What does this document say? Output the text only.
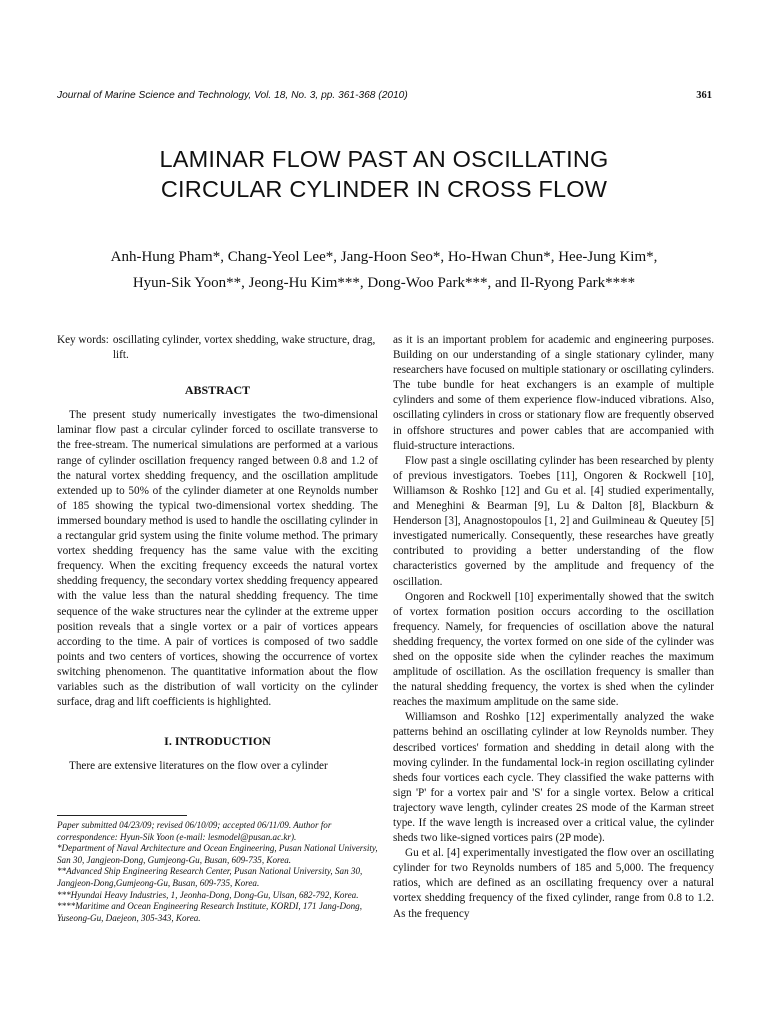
Journal of Marine Science and Technology, Vol. 18, No. 3, pp. 361-368 (2010)	361
LAMINAR FLOW PAST AN OSCILLATING
CIRCULAR CYLINDER IN CROSS FLOW
Anh-Hung Pham*, Chang-Yeol Lee*, Jang-Hoon Seo*, Ho-Hwan Chun*, Hee-Jung Kim*,
Hyun-Sik Yoon**, Jeong-Hu Kim***, Dong-Woo Park***, and Il-Ryong Park****
Key words: oscillating cylinder, vortex shedding, wake structure, drag, lift.
ABSTRACT

The present study numerically investigates the two-dimensional laminar flow past a circular cylinder forced to oscillate transverse to the free-stream. The numerical simulations are performed at a various range of cylinder oscillation frequency ranged between 0.8 and 1.2 of the natural vortex shedding frequency, and the oscillation amplitude extended up to 50% of the cylinder diameter at one Reynolds number of 185 showing the typical two-dimensional vortex shedding. The immersed boundary method is used to handle the oscillating cylinder in a rectangular grid system using the finite volume method. The primary vortex shedding frequency has the same value with the exciting frequency. When the exciting frequency exceeds the natural vortex shedding frequency, the secondary vortex shedding frequency appeared with the value less than the natural shedding frequency. The time sequence of the wake structures near the cylinder at the extreme upper position reveals that a single vortex or a pair of vortices appears according to the time. A pair of vortices is composed of two saddle points and two centers of vortices, showing the occurrence of vortex switching phenomenon. The quantitative information about the flow variables such as the distribution of wall vorticity on the cylinder surface, drag and lift coefficients is highlighted.

I. INTRODUCTION

There are extensive literatures on the flow over a cylinder

Paper submitted 04/23/09; revised 06/10/09; accepted 06/11/09. Author for correspondence: Hyun-Sik Yoon (e-mail: lesmodel@pusan.ac.kr).
*Department of Naval Architecture and Ocean Engineering, Pusan National University, San 30, Jangjeon-Dong, Gumjeong-Gu, Busan, 609-735, Korea.
**Advanced Ship Engineering Research Center, Pusan National University, San 30, Jangjeon-Dong,Gumjeong-Gu, Busan, 609-735, Korea.
***Hyundai Heavy Industries, 1, Jeonha-Dong, Dong-Gu, Ulsan, 682-792, Korea.
****Maritime and Ocean Engineering Research Institute, KORDI, 171 Jang-Dong, Yuseong-Gu, Daejeon, 305-343, Korea.

as it is an important problem for academic and engineering purposes. Building on our understanding of a single stationary cylinder, many researchers have focused on multiple stationary or oscillating cylinders. The tube bundle for heat exchangers is an example of multiple cylinders and some of them experience flow-induced vibrations. Also, oscillating cylinders in cross or stationary flow are frequently observed in offshore structures and power cables that are accompanied with fluid-structure interactions.

Flow past a single oscillating cylinder has been researched by plenty of previous investigators. Toebes [11], Ongoren & Rockwell [10], Williamson & Roshko [12] and Gu et al. [4] studied experimentally, and Meneghini & Bearman [9], Lu & Dalton [8], Blackburn & Henderson [3], Anagnostopoulos [1, 2] and Guilmineau & Queutey [5] investigated numerically. Consequently, these researches have greatly contributed to providing a better understanding of the flow characteristics governed by the amplitude and frequency of the oscillation.

Ongoren and Rockwell [10] experimentally showed that the switch of vortex formation position occurs according to the oscillation frequency. Namely, for frequencies of oscillation above the natural shedding frequency, the vortex formed on one side of the cylinder was shed on the opposite side when the cylinder reaches the maximum amplitude of oscillation. As the oscillation frequency is smaller than the natural shedding frequency, the vortex is shed when the cylinder reaches the maximum amplitude on the same side.

Williamson and Roshko [12] experimentally analyzed the wake patterns behind an oscillating cylinder at low Reynolds number. They described vortices' formation and shedding in detail along with the moving cylinder. In the fundamental lock-in region oscillating cylinder sheds four vortices each cycle. They classified the wake patterns with sign 'P' for a vortex pair and 'S' for a single vortex. Below a critical trajectory wave length, cylinder creates 2S mode of the Karman street type. If the wave length is increased over a critical value, the cylinder sheds two like-signed vortices pairs (2P mode).

Gu et al. [4] experimentally investigated the flow over an oscillating cylinder for two Reynolds numbers of 185 and 5,000. The frequency ratios, which are defined as an oscillating frequency over a natural vortex shedding frequency of the fixed cylinder, range from 0.8 to 1.2. As the frequency
